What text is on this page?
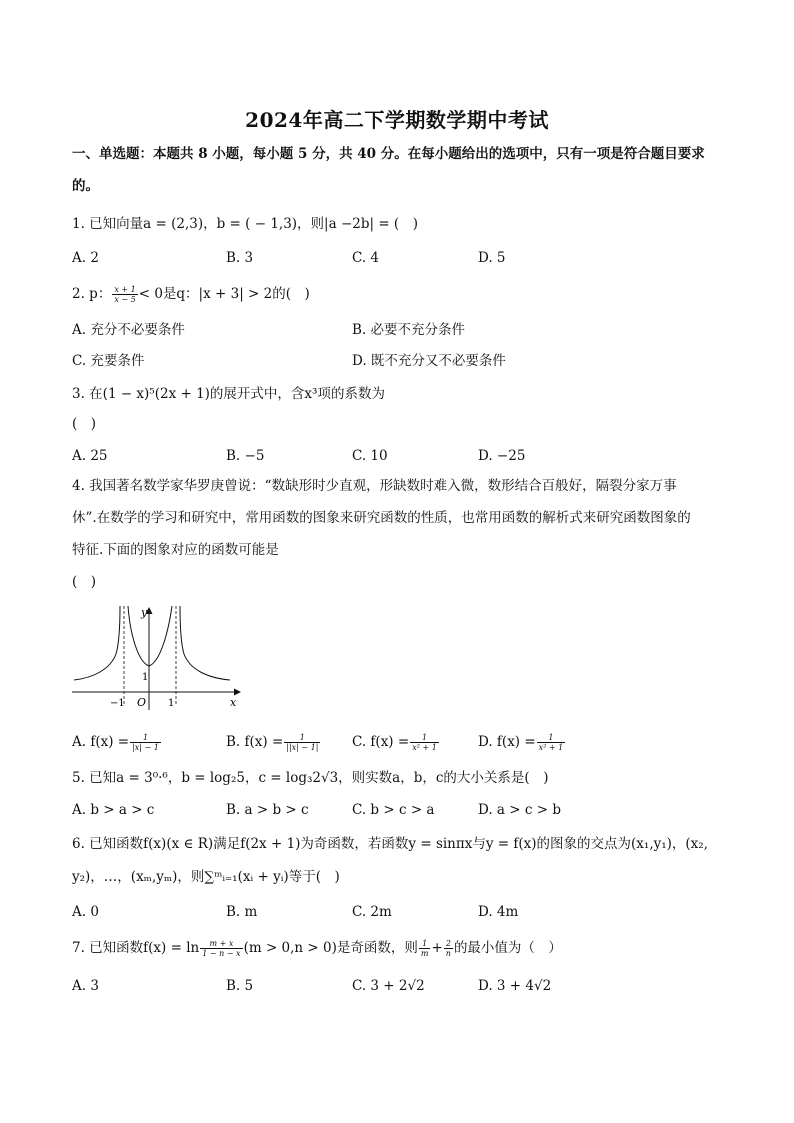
2024年高二下学期数学期中考试
一、单选题：本题共 8 小题，每小题 5 分，共 40 分。在每小题给出的选项中，只有一项是符合题目要求
的。
1. 已知向量a = (2,3)，b = ( − 1,3)，则|a −2b| = (　)
A. 2	B. 3	C. 4	D. 5
2. p： $\frac{x + 1}{x - 5} < 0$是q：|x + 3| > 2的(　)
A. 充分不必要条件	B. 必要不充分条件
C. 充要条件	D. 既不充分又不必要条件
3. 在(1 − x)⁵(2x + 1)的展开式中，含x³项的系数为
(　)
A. 25	B. −5	C. 10	D. −25
4. 我国著名数学家华罗庚曾说：“数缺形时少直观，形缺数时难入微，数形结合百般好，隔裂分家万事
休”.在数学的学习和研究中，常用函数的图象来研究函数的性质，也常用函数的解析式来研究函数图象的
特征.下面的图象对应的函数可能是
(　)
y
x
O
1
−1	1
A. $f(x) = \frac{1}{|x| - 1}$	B. $f(x) = \frac{1}{||x| - 1|} C$. $f(x) = \frac{1}{\text{x² + 1}}$	D. $f(x) = \frac{1}{\text{x² + 1}}$
5. 已知a = 3⁰·⁶，b = log₂5，c = log₃2√3，则实数a，b，c的大小关系是(　)
A. b > a > c	B. a > b > c	C. b > c > a	D. a > c > b
6. 已知函数f(x)(x ∈ R)满足f(2x + 1)为奇函数，若函数y = sinπx与y = f(x)的图象的交点为(x₁,y₁)，(x₂,
y₂)，…，(xₘ,yₘ)，则∑ᵐᵢ₌₁(xᵢ + yᵢ)等于(　)
A. 0	B. m	C. 2m	D. 4m
7. 已知函数$f(x) = \ln \frac{m + x}{1 - n - x} (m > 0,n > 0)$是奇函数，则 $\frac{1}{m} + \frac{2}{n}$ 的最小值为（　）
A. 3	B. 5	C. 3 + 2√2	D. 3 + 4√2
